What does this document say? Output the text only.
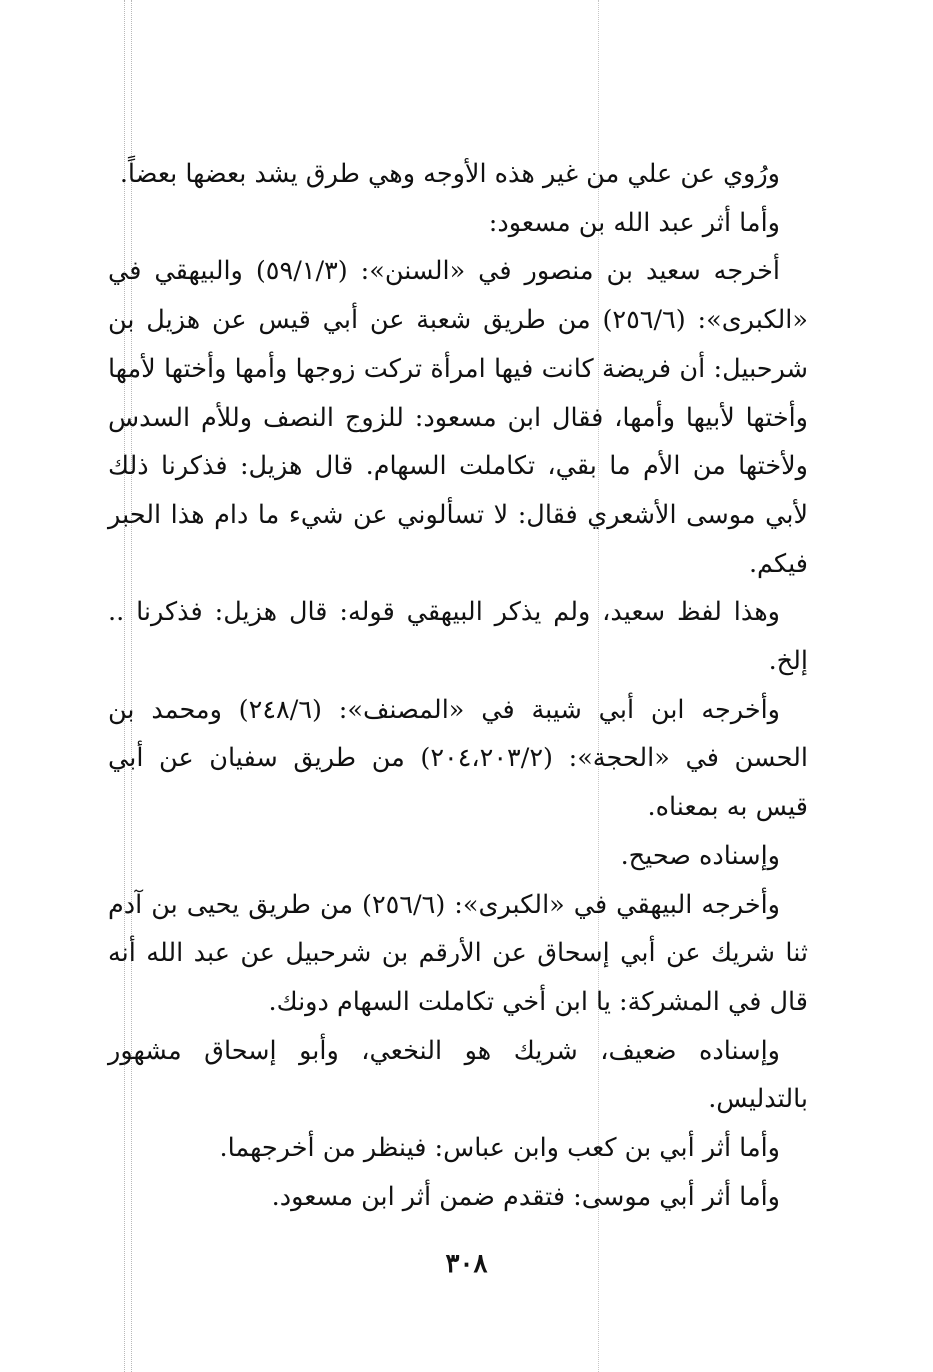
ورُوي عن علي من غير هذه الأوجه وهي طرق يشد بعضها بعضاً.

وأما أثر عبد الله بن مسعود:

أخرجه سعيد بن منصور في «السنن»: (٥٩/١/٣) والبيهقي في «الكبرى»: (٢٥٦/٦) من طريق شعبة عن أبي قيس عن هزيل بن شرحبيل: أن فريضة كانت فيها امرأة تركت زوجها وأمها وأختها لأمها وأختها لأبيها وأمها، فقال ابن مسعود: للزوج النصف وللأم السدس ولأختها من الأم ما بقي، تكاملت السهام. قال هزيل: فذكرنا ذلك لأبي موسى الأشعري فقال: لا تسألوني عن شيء ما دام هذا الحبر فيكم.

وهذا لفظ سعيد، ولم يذكر البيهقي قوله: قال هزيل: فذكرنا .. إلخ.

وأخرجه ابن أبي شيبة في «المصنف»: (٢٤٨/٦) ومحمد بن الحسن في «الحجة»: (٢٠٤،٢٠٣/٢) من طريق سفيان عن أبي قيس به بمعناه.

وإسناده صحيح.

وأخرجه البيهقي في «الكبرى»: (٢٥٦/٦) من طريق يحيى بن آدم ثنا شريك عن أبي إسحاق عن الأرقم بن شرحبيل عن عبد الله أنه قال في المشركة: يا ابن أخي تكاملت السهام دونك.

وإسناده ضعيف، شريك هو النخعي، وأبو إسحاق مشهور بالتدليس.

وأما أثر أبي بن كعب وابن عباس: فينظر من أخرجهما.

وأما أثر أبي موسى: فتقدم ضمن أثر ابن مسعود.

٣٠٨
